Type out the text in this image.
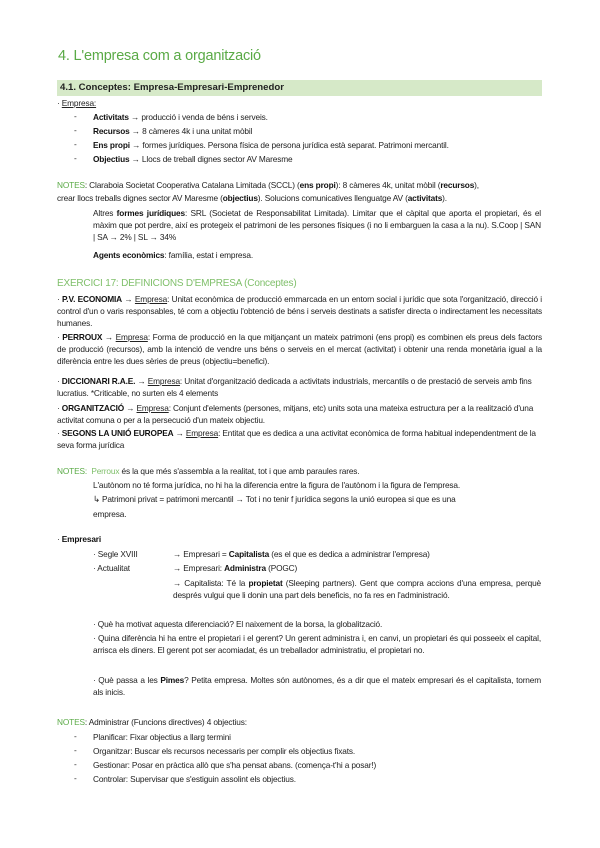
4. L'empresa com a organització
4.1. Conceptes: Empresa-Empresari-Emprenedor
· Empresa:
- Activitats → producció i venda de béns i serveis.
- Recursos → 8 càmeres 4k i una unitat mòbil
- Ens propi → formes jurídiques. Persona física de persona jurídica està separat. Patrimoni mercantil.
- Objectius → Llocs de treball dignes sector AV Maresme
NOTES: Claraboia Societat Cooperativa Catalana Limitada (SCCL) (ens propi): 8 càmeres 4k, unitat mòbil (recursos),
crear llocs treballs dignes sector AV Maresme (objectius). Solucions comunicatives llenguatge AV (activitats).
Altres formes jurídiques: SRL (Societat de Responsabilitat Limitada). Limitar que el càpital que aporta el propietari, és el màxim que pot perdre, així es protegeix el patrimoni de les persones físiques (i no li embarguen la casa a la nu). S.Coop | SAN | SA → 2% | SL → 34%
Agents econòmics: família, estat i empresa.
EXERCICI 17: DEFINICIONS D'EMPRESA (Conceptes)
· P.V. ECONOMIA → Empresa: Unitat econòmica de producció emmarcada en un entorn social i jurídic que sota l'organització, direcció i control d'un o varis responsables, té com a objectiu l'obtenció de béns i serveis destinats a satisfer directa o indirectament les necessitats humanes.
· PERROUX → Empresa: Forma de producció en la que mitjançant un mateix patrimoni (ens propi) es combinen els preus dels factors de producció (recursos), amb la intenció de vendre uns béns o serveis en el mercat (activitat) i obtenir una renda monetària igual a la diferència entre les dues sèries de preus (objectiu=benefici).
· DICCIONARI R.A.E. → Empresa: Unitat d'organització dedicada a activitats industrials, mercantils o de prestació de serveis amb fins lucratius. *Criticable, no surten els 4 elements
· ORGANITZACIÓ → Empresa: Conjunt d'elements (persones, mitjans, etc) units sota una mateixa estructura per a la realització d'una activitat comuna o per a la persecució d'un mateix objectiu.
· SEGONS LA UNIÓ EUROPEA → Empresa: Entitat que es dedica a una activitat econòmica de forma habitual independentment de la seva forma jurídica
NOTES: Perroux és la que més s'assembla a la realitat, tot i que amb paraules rares.
L'autònom no té forma jurídica, no hi ha la diferencia entre la figura de l'autònom i la figura de l'empresa.
↳ Patrimoni privat = patrimoni mercantil → Tot i no tenir f jurídica segons la unió europea si que es una
empresa.
· Empresari
· Segle XVIII	→ Empresari = Capitalista (es el que es dedica a administrar l'empresa)
· Actualitat	→ Empresari: Administra (POGC)
→ Capitalista: Té la propietat (Sleeping partners). Gent que compra accions d'una empresa, perquè després vulgui que li donin una part dels beneficis, no fa res en l'administració.
· Què ha motivat aquesta diferenciació? El naixement de la borsa, la globalització.
· Quina diferència hi ha entre el propietari i el gerent? Un gerent administra i, en canvi, un propietari és qui posseeix el capital, arrisca els diners. El gerent pot ser acomiadat, és un treballador administratiu, el propietari no.
· Què passa a les Pimes? Petita empresa. Moltes són autònomes, és a dir que el mateix empresari és el capitalista, tornem als inicis.
NOTES: Administrar (Funcions directives) 4 objectius:
- Planificar: Fixar objectius a llarg termini
- Organitzar: Buscar els recursos necessaris per complir els objectius fixats.
- Gestionar: Posar en pràctica allò que s'ha pensat abans. (comença-t'hi a posar!)
- Controlar: Supervisar que s'estiguin assolint els objectius.
